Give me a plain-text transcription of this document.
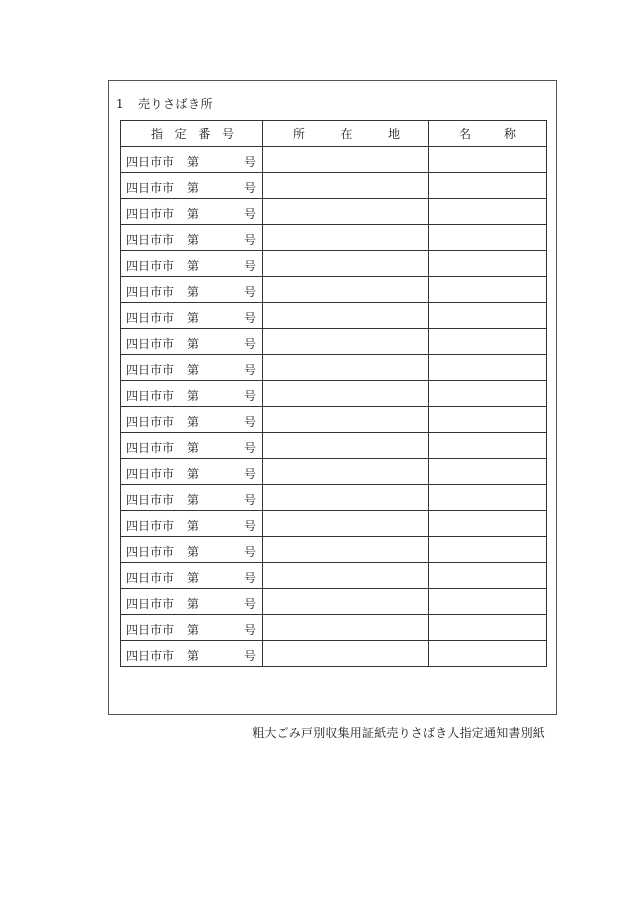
1 売りさばき所
指 定 番 号	所 在 地	名 称

四日市市 第 号		

四日市市 第 号		

四日市市 第 号		

四日市市 第 号		

四日市市 第 号		

四日市市 第 号		

四日市市 第 号		

四日市市 第 号		

四日市市 第 号		

四日市市 第 号		

四日市市 第 号		

四日市市 第 号		

四日市市 第 号		

四日市市 第 号		

四日市市 第 号		

四日市市 第 号		

四日市市 第 号		

四日市市 第 号		

四日市市 第 号		

四日市市 第 号		

粗大ごみ戸別収集用証紙売りさばき人指定通知書別紙
